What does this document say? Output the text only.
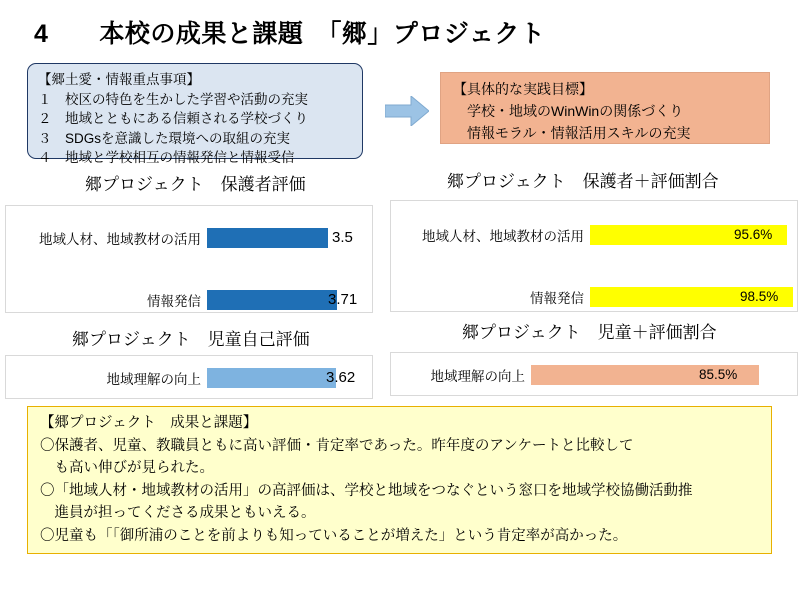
4　　本校の成果と課題　「郷」プロジェクト
【郷土愛・情報重点事項】
１　校区の特色を生かした学習や活動の充実
２　地域とともにある信頼される学校づくり
３　SDGsを意識した環境への取組の充実
４　地域と学校相互の情報発信と情報受信
【具体的な実践目標】
　学校・地域のWinWinの関係づくり
　情報モラル・情報活用スキルの充実
郷プロジェクト　保護者評価
地域人材、地域教材の活用	3.5
情報発信	3.71
郷プロジェクト　保護者＋評価割合
地域人材、地域教材の活用	95.6%
情報発信	98.5%
郷プロジェクト　児童自己評価
地域理解の向上	3.62
郷プロジェクト　児童＋評価割合
地域理解の向上	85.5%
【郷プロジェクト　成果と課題】
〇保護者、児童、教職員ともに高い評価・肯定率であった。昨年度のアンケートと比較して
　も高い伸びが見られた。
〇「地域人材・地域教材の活用」の高評価は、学校と地域をつなぐという窓口を地域学校協働活動推
　進員が担ってくださる成果ともいえる。
〇児童も「「御所浦のことを前よりも知っていることが増えた」という肯定率が高かった。
